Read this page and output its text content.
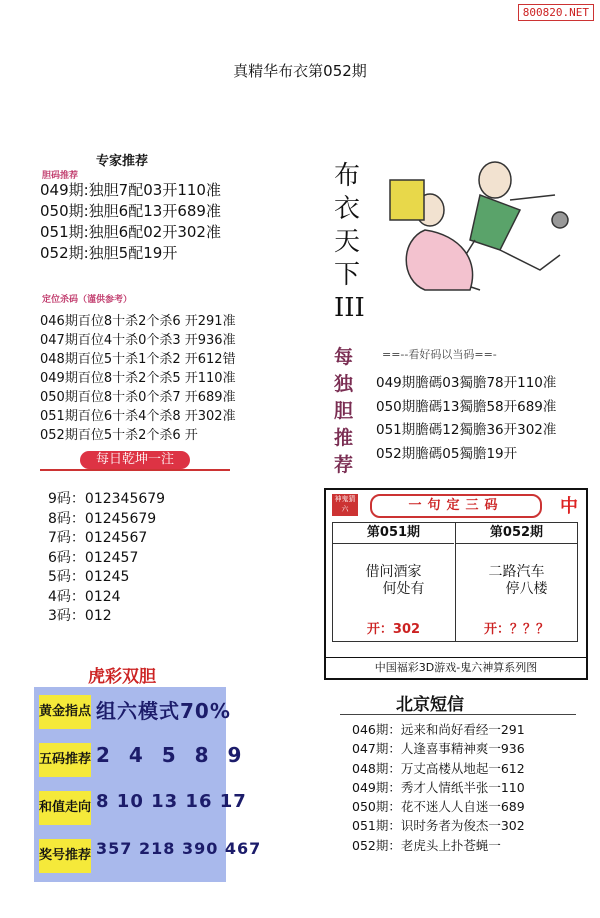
800820.NET
真精华布衣第052期
专家推荐
胆码推荐
049期:独胆7配03开110准
050期:独胆6配13开689准
051期:独胆6配02开302准
052期:独胆5配19开
定位杀码（谨供参考）
046期百位8十杀2个杀6 开291准
047期百位4十杀0个杀3 开936准
048期百位5十杀1个杀2 开612错
049期百位8十杀2个杀5 开110准
050期百位8十杀0个杀7 开689准
051期百位6十杀4个杀8 开302准
052期百位5十杀2个杀6 开
每日乾坤一注
9码：012345679
8码：01245679
7码：0124567
6码：012457
5码：01245
4码：0124
3码：012
虎彩双胆
黄金指点 组六模式70%
五码推荐 2 4 5 8 9
和值走向 8 10 13 16 17
奖号推荐 357 218 390 467
布衣天下III
每独胆推荐
==--看好码以当码==-
049期膽碼03獨膽78开110准
050期膽碼13獨膽58开689准
051期膽碼12獨膽36开302准
052期膽碼05獨膽19开
神鬼猜六	一句定三码	中
第051期
借问酒家
何处有
开：302
第052期
二路汽车
停八楼
开：？？？
中国福彩3D游戏-鬼六神算系列图
北京短信
046期：远来和尚好看经一291
047期：人逢喜事精神爽一936
048期：万丈高楼从地起一612
049期：秀才人情纸半张一110
050期：花不迷人人自迷一689
051期：识时务者为俊杰一302
052期：老虎头上扑苍蝇一
